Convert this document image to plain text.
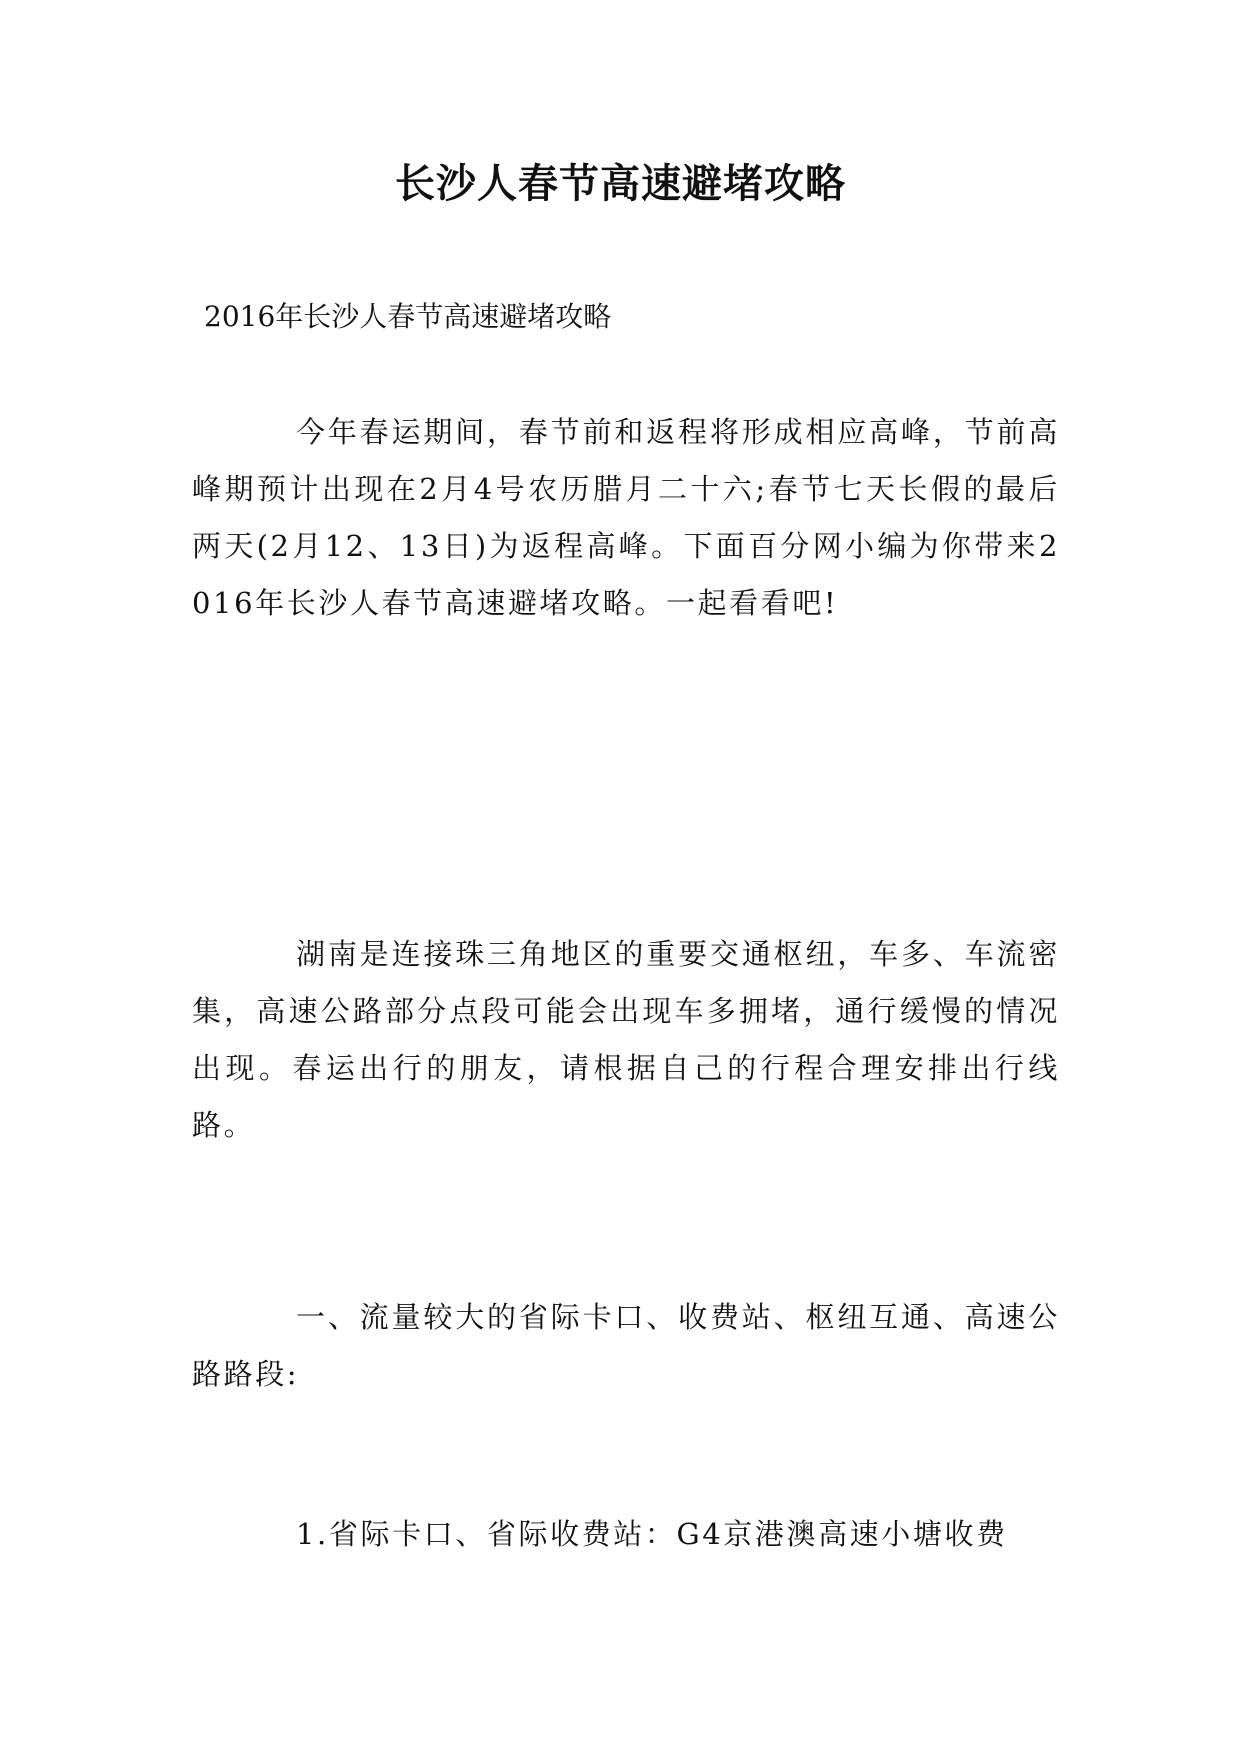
长沙人春节高速避堵攻略

2016年长沙人春节高速避堵攻略

今年春运期间，春节前和返程将形成相应高峰，节前高峰期预计出现在2月4号农历腊月二十六;春节七天长假的最后两天(2月12、13日)为返程高峰。下面百分网小编为你带来2016年长沙人春节高速避堵攻略。一起看看吧!

湖南是连接珠三角地区的重要交通枢纽，车多、车流密集，高速公路部分点段可能会出现车多拥堵，通行缓慢的情况出现。春运出行的朋友，请根据自己的行程合理安排出行线路。

一、流量较大的省际卡口、收费站、枢纽互通、高速公路路段:

1.省际卡口、省际收费站：G4京港澳高速小塘收费
